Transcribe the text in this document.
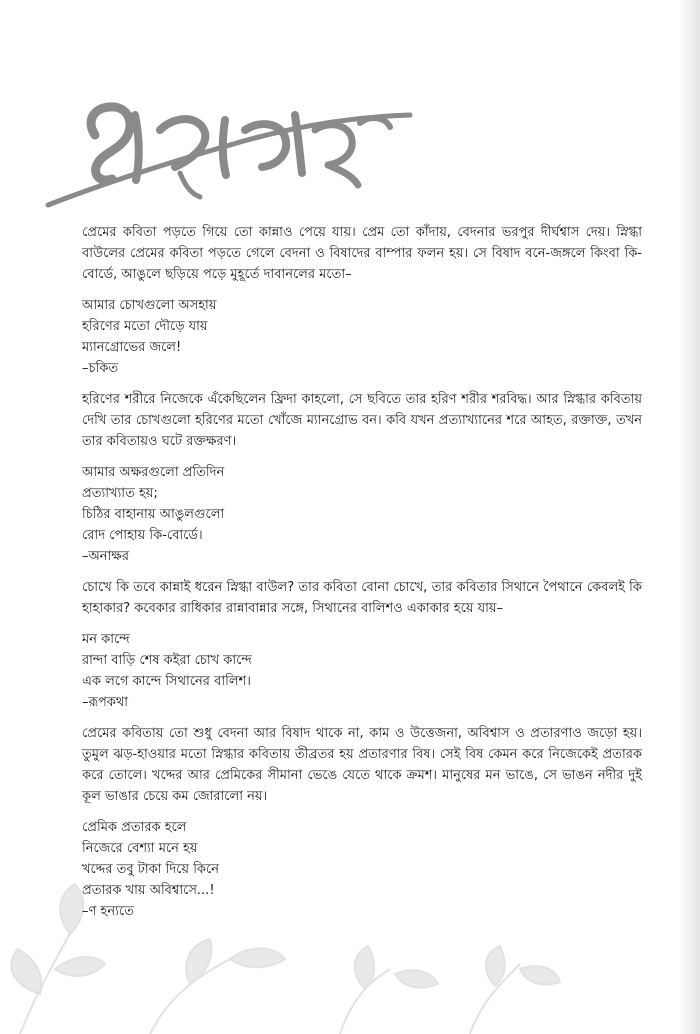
প্রেমের কবিতা পড়তে গিয়ে তো কান্নাও পেয়ে যায়। প্রেম তো কাঁদায়, বেদনার ভরপুর দীর্ঘশ্বাস দেয়। স্নিগ্ধা বাউলের প্রেমের কবিতা পড়তে গেলে বেদনা ও বিষাদের বাম্পার ফলন হয়। সে বিষাদ বনে-জঙ্গলে কিংবা কি-বোর্ডে, আঙুলে ছড়িয়ে পড়ে মুহূর্তে দাবানলের মতো–

আমার চোখগুলো অসহায়
হরিণের মতো দৌড়ে যায়
ম্যানগ্রোভের জলে!
–চকিত

হরিণের শরীরে নিজেকে এঁকেছিলেন ফ্রিদা কাহলো, সে ছবিতে তার হরিণ শরীর শরবিদ্ধ। আর স্নিগ্ধার কবিতায় দেখি তার চোখগুলো হরিণের মতো খোঁজে ম্যানগ্রোভ বন। কবি যখন প্রত্যাখ্যানের শরে আহত, রক্তাক্ত, তখন তার কবিতায়ও ঘটে রক্তক্ষরণ।

আমার অক্ষরগুলো প্রতিদিন
প্রত্যাখ্যাত হয়;
চিঠির বাহানায় আঙুলগুলো
রোদ পোহায় কি-বোর্ডে।
–অনাক্ষর

চোখে কি তবে কান্নাই ধরেন স্নিগ্ধা বাউল? তার কবিতা বোনা চোখে, তার কবিতার সিথানে পৈথানে কেবলই কি হাহাকার? কবেকার রাধিকার রান্নাবান্নার সঙ্গে, সিথানের বালিশও একাকার হয়ে যায়–

মন কান্দে
রান্দা বাড়ি শেষ কইরা চোখ কান্দে
এক লগে কান্দে সিথানের বালিশ।
–রূপকথা

প্রেমের কবিতায় তো শুধু বেদনা আর বিষাদ থাকে না, কাম ও উত্তেজনা, অবিশ্বাস ও প্রতারণাও জড়ো হয়। তুমুল ঝড়-হাওয়ার মতো স্নিগ্ধার কবিতায় তীব্রতর হয় প্রতারণার বিষ। সেই বিষ কেমন করে নিজেকেই প্রতারক করে তোলে। খদ্দের আর প্রেমিকের সীমানা ভেঙে যেতে থাকে ক্রমশ। মানুষের মন ভাঙে, সে ভাঙন নদীর দুই কূল ভাঙার চেয়ে কম জোরালো নয়।

প্রেমিক প্রতারক হলে
নিজেরে বেশ্যা মনে হয়
খদ্দের তবু টাকা দিয়ে কিনে
প্রতারক খায় অবিশ্বাসে...!
–ণ হন্যতে
